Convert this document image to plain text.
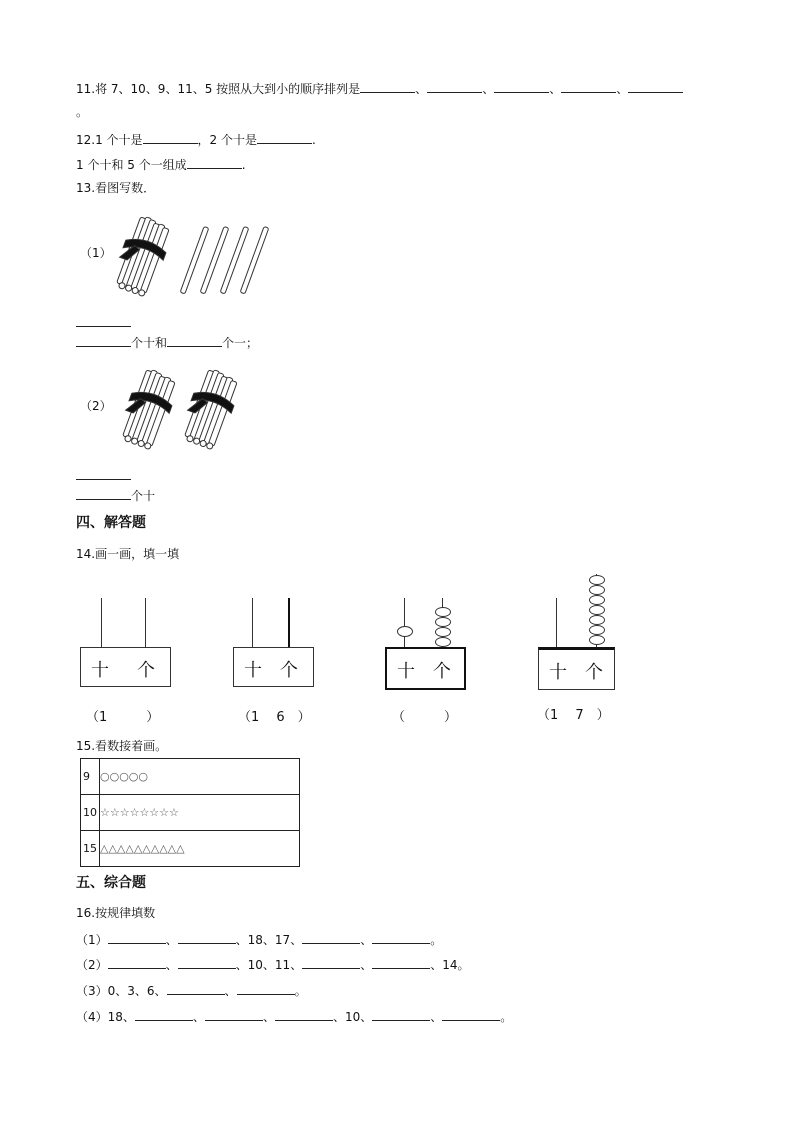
11.将 7、10、9、11、5 按照从大到小的顺序排列是	、	、	、	、
。
12.1 个十是	，2 个十是	.
1 个十和 5 个一组成	.
13.看图写数．
（1）
个十和	个一；
（2）
个十
四、解答题
14.画一画，填一填
十 个
（1　　　）
十 个
（1　 6　）
十 个
（　　　）
十 个
（1　 7　）
15.看数接着画。
9	○○○○○
10	☆☆☆☆☆☆☆☆
15	△△△△△△△△△△
五、综合题
16.按规律填数
（1）	、	、18、17、	、	。
（2）	、	、10、11、	、	、14。
（3）0、3、6、	、	。
（4）18、	、	、	、10、	、	。
